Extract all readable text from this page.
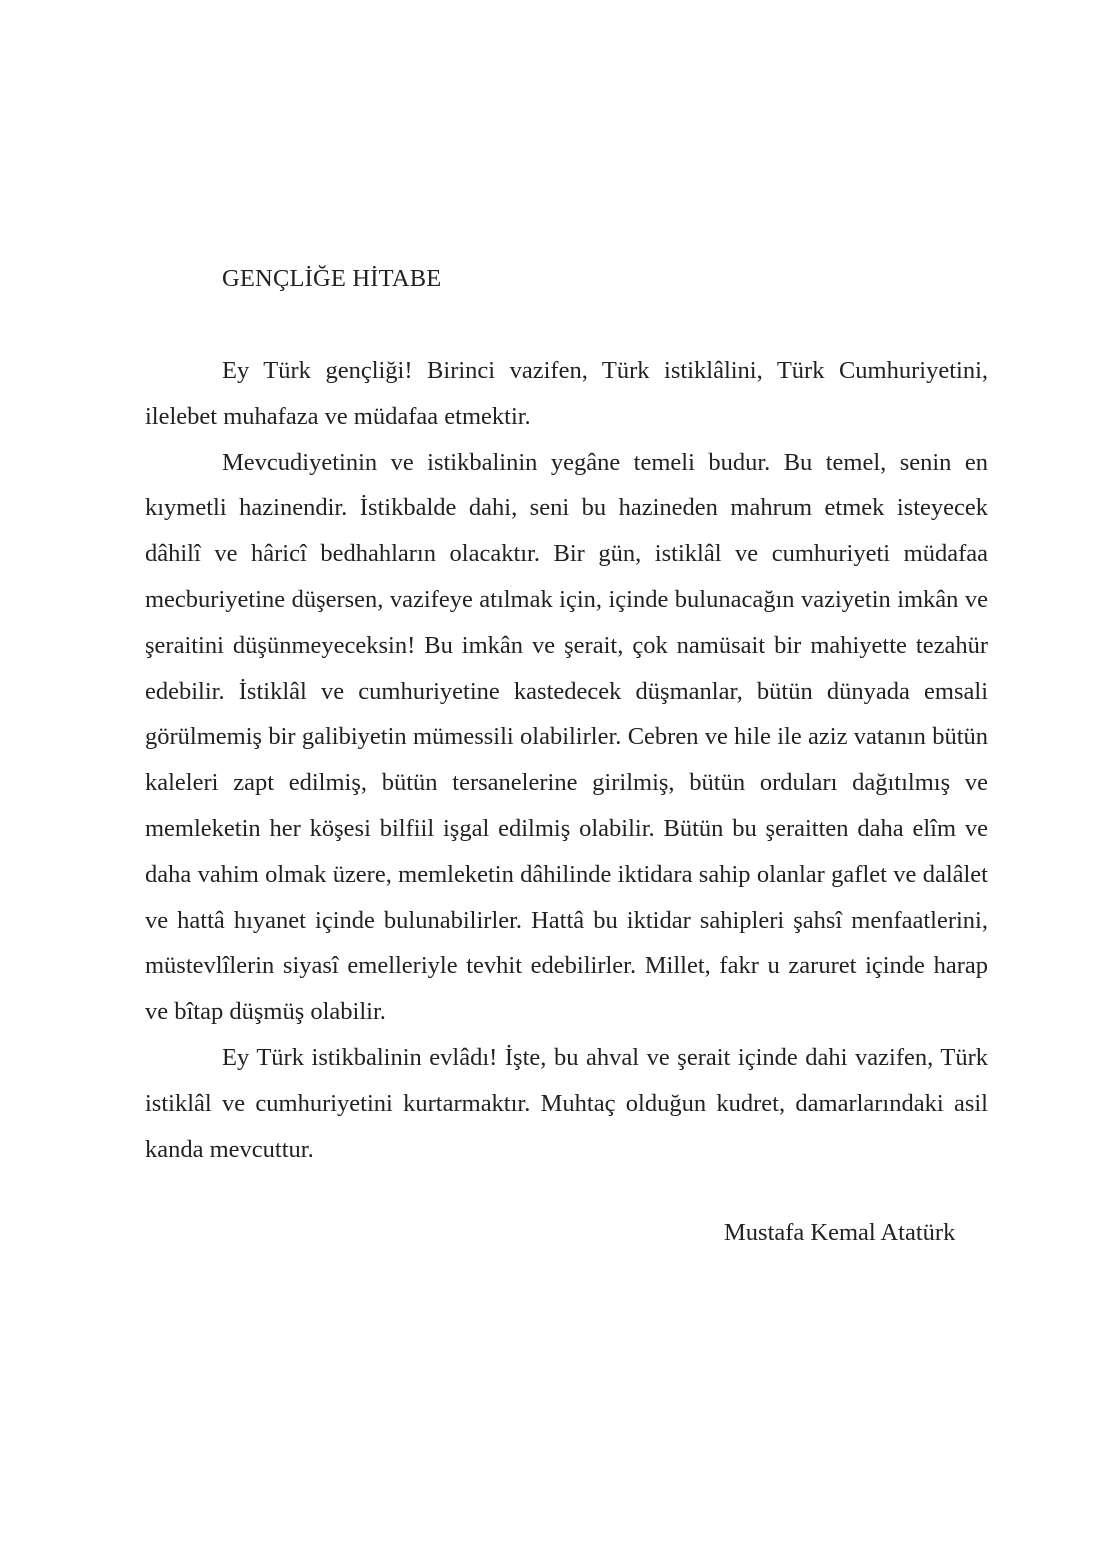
GENÇLİĞE HİTABE

Ey Türk gençliği! Birinci vazifen, Türk istiklâlini, Türk Cumhuriyetini, ilelebet muhafaza ve müdafaa etmektir.

Mevcudiyetinin ve istikbalinin yegâne temeli budur. Bu temel, senin en kıymetli hazinendir. İstikbalde dahi, seni bu hazineden mahrum etmek isteyecek dâhilî ve hâricî bedhahların olacaktır. Bir gün, istiklâl ve cumhuriyeti müdafaa mecburiyetine düşersen, vazifeye atılmak için, içinde bulunacağın vaziyetin imkân ve şeraitini düşünmeyeceksin! Bu imkân ve şerait, çok namüsait bir mahiyette tezahür edebilir. İstiklâl ve cumhuriyetine kastedecek düşmanlar, bütün dünyada emsali görülmemiş bir galibiyetin mümessili olabilirler. Cebren ve hile ile aziz vatanın bütün kaleleri zapt edilmiş, bütün tersanelerine girilmiş, bütün orduları dağıtılmış ve memleketin her köşesi bilfiil işgal edilmiş olabilir. Bütün bu şeraitten daha elîm ve daha vahim olmak üzere, memleketin dâhilinde iktidara sahip olanlar gaflet ve dalâlet ve hattâ hıyanet içinde bulunabilirler. Hattâ bu iktidar sahipleri şahsî menfaatlerini, müstevlîlerin siyasî emelleriyle tevhit edebilirler. Millet, fakr u zaruret içinde harap ve bîtap düşmüş olabilir.

Ey Türk istikbalinin evlâdı! İşte, bu ahval ve şerait içinde dahi vazifen, Türk istiklâl ve cumhuriyetini kurtarmaktır. Muhtaç olduğun kudret, damarlarındaki asil kanda mevcuttur.

Mustafa Kemal Atatürk
